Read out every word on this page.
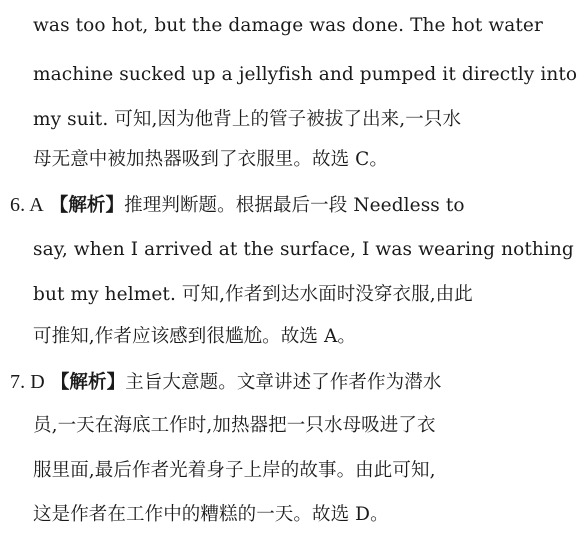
was too hot, but the damage was done. The hot water
machine sucked up a jellyfish and pumped it directly into
my suit. 可知,因为他背上的管子被拔了出来,一只水
母无意中被加热器吸到了衣服里。故选 C。
6. A 【解析】推理判断题。根据最后一段 Needless to
say, when I arrived at the surface, I was wearing nothing
but my helmet. 可知,作者到达水面时没穿衣服,由此
可推知,作者应该感到很尴尬。故选 A。
7. D 【解析】主旨大意题。文章讲述了作者作为潜水
员,一天在海底工作时,加热器把一只水母吸进了衣
服里面,最后作者光着身子上岸的故事。由此可知,
这是作者在工作中的糟糕的一天。故选 D。
